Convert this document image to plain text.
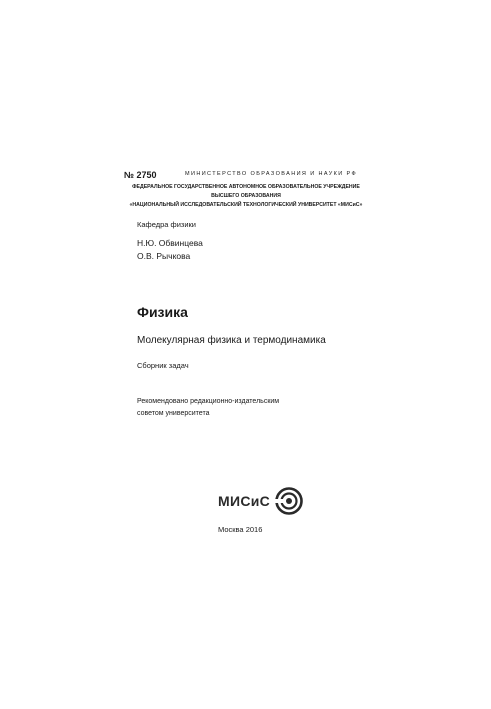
№ 2750	МИНИСТЕРСТВО ОБРАЗОВАНИЯ И НАУКИ РФ
ФЕДЕРАЛЬНОЕ ГОСУДАРСТВЕННОЕ АВТОНОМНОЕ ОБРАЗОВАТЕЛЬНОЕ УЧРЕЖДЕНИЕ
ВЫСШЕГО ОБРАЗОВАНИЯ
«НАЦИОНАЛЬНЫЙ ИССЛЕДОВАТЕЛЬСКИЙ ТЕХНОЛОГИЧЕСКИЙ УНИВЕРСИТЕТ «МИСиС»
Кафедра физики
Н.Ю. Обвинцева
О.В. Рычкова
Физика
Молекулярная физика и термодинамика
Сборник задач
Рекомендовано редакционно-издательским
советом университета
МИСиС
Москва 2016
